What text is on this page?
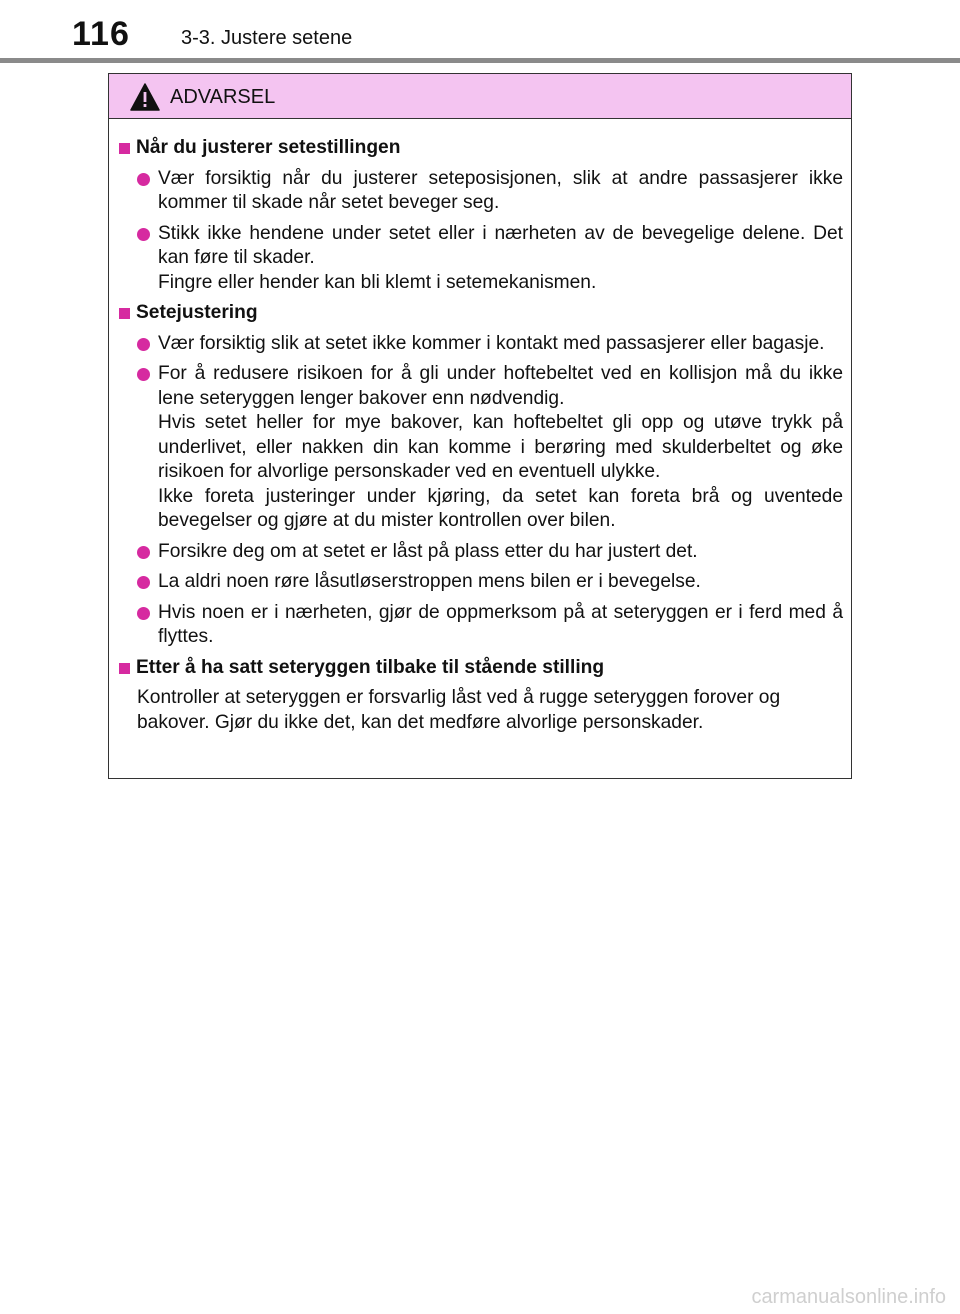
116	3-3. Justere setene
ADVARSEL
Når du justerer setestillingen
Vær forsiktig når du justerer seteposisjonen, slik at andre passasjerer ikke kommer til skade når setet beveger seg.
Stikk ikke hendene under setet eller i nærheten av de bevegelige delene. Det kan føre til skader.
Fingre eller hender kan bli klemt i setemekanismen.
Setejustering
Vær forsiktig slik at setet ikke kommer i kontakt med passasjerer eller bagasje.
For å redusere risikoen for å gli under hoftebeltet ved en kollisjon må du ikke lene seteryggen lenger bakover enn nødvendig.
Hvis setet heller for mye bakover, kan hoftebeltet gli opp og utøve trykk på underlivet, eller nakken din kan komme i berøring med skulderbeltet og øke risikoen for alvorlige personskader ved en eventuell ulykke.
Ikke foreta justeringer under kjøring, da setet kan foreta brå og uventede bevegelser og gjøre at du mister kontrollen over bilen.
Forsikre deg om at setet er låst på plass etter du har justert det.
La aldri noen røre låsutløserstroppen mens bilen er i bevegelse.
Hvis noen er i nærheten, gjør de oppmerksom på at seteryggen er i ferd med å flyttes.
Etter å ha satt seteryggen tilbake til stående stilling
Kontroller at seteryggen er forsvarlig låst ved å rugge seteryggen forover og bakover. Gjør du ikke det, kan det medføre alvorlige personskader.
carmanualsonline.info
